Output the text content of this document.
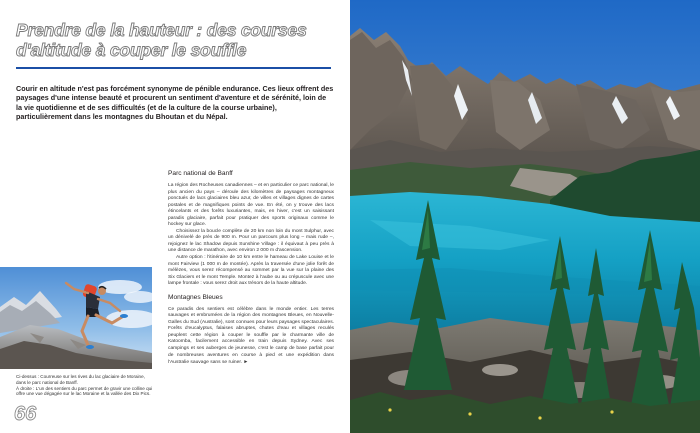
Prendre de la hauteur : des courses
d'altitude à couper le souffle

Courir en altitude n'est pas forcément synonyme de pénible endurance. Ces lieux offrent des paysages d'une intense beauté et procurent un sentiment d'aventure et de sérénité, loin de la vie quotidienne et de ses difficultés (et de la culture de la course urbaine), particulièrement dans les montagnes du Bhoutan et du Népal.

Parc national de Banff

La région des Rocheuses canadiennes – et en particulier ce parc national, le plus ancien du pays – déroule des kilomètres de paysages montagneux ponctués de lacs glaciaires bleu azur, de villes et villages dignes de cartes postales et de magnifiques points de vue. En été, on y trouve des lacs étincelants et des forêts luxuriantes, mais, en hiver, c'est un saisissant paradis glaciaire, parfait pour pratiquer des sports originaux comme le hockey sur glace.

Choisissez la boucle complète de 20 km non loin du mont Sulphur, avec un dénivelé de près de 900 m. Pour un parcours plus long – mais rude –, rejoignez le lac Shadow depuis Sunshine Village : il équivaut à peu près à une distance de marathon, avec environ 2 000 m d'ascension.

Autre option : l'itinéraire de 10 km entre le hameau de Lake Louise et le mont Fairview (1 000 m de montée). Après la traversée d'une jolie forêt de mélèzes, vous serez récompensé au sommet par la vue sur la plaine des Six Glaciers et le mont Temple. Montez à l'aube ou au crépuscule avec une lampe frontale : vous serez droit aux trésors de la haute altitude.

Montagnes Bleues

Ce paradis des sentiers est célèbre dans le monde entier. Les terres sauvages et embrumées de la région des montagnes Bleues, en Nouvelle-Galles du Sud (Australie), sont connues pour leurs paysages spectaculaires. Forêts d'eucalyptus, falaises abruptes, chutes d'eau et villages reculés peuplent cette région à couper le souffle par le charmante ville de Katoomba, facilement accessible en train depuis Sydney. Avec ses campings et ses auberges de jeunesse, c'est le camp de base parfait pour de nombreuses aventures en course à pied et une expédition dans l'Australie sauvage sans se ruiner. ►

Ci-dessus : Courreuse sur les rives du lac glaciaire de Moraine, dans le parc national de Banff.

À droite : L'un des sentiers du parc permet de gravir une colline qui offre une vue dégagée sur le lac Moraine et la vallée des Dix Pics.

66
